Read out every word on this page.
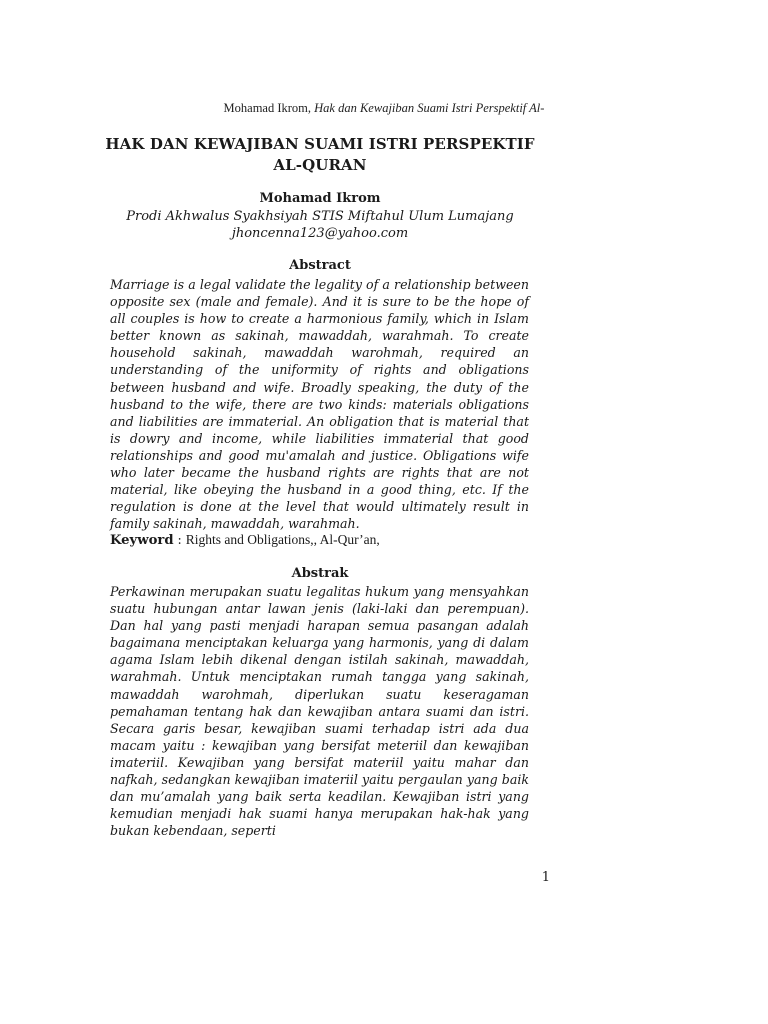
Mohamad Ikrom, Hak dan Kewajiban Suami Istri Perspektif Al-
HAK DAN KEWAJIBAN SUAMI ISTRI PERSPEKTIF AL-QURAN
Mohamad Ikrom
Prodi Akhwalus Syakhsiyah STIS Miftahul Ulum Lumajang
jhoncenna123@yahoo.com
Abstract
Marriage is a legal validate the legality of a relationship between opposite sex (male and female). And it is sure to be the hope of all couples is how to create a harmonious family, which in Islam better known as sakinah, mawaddah, warahmah. To create household sakinah, mawaddah warohmah, required an understanding of the uniformity of rights and obligations between husband and wife. Broadly speaking, the duty of the husband to the wife, there are two kinds: materials obligations and liabilities are immaterial. An obligation that is material that is dowry and income, while liabilities immaterial that good relationships and good mu'amalah and justice. Obligations wife who later became the husband rights are rights that are not material, like obeying the husband in a good thing, etc. If the regulation is done at the level that would ultimately result in family sakinah, mawaddah, warahmah.
Keyword : Rights and Obligations,, Al-Qur’an,
Abstrak
Perkawinan merupakan suatu legalitas hukum yang mensyahkan suatu hubungan antar lawan jenis (laki-laki dan perempuan). Dan hal yang pasti menjadi harapan semua pasangan adalah bagaimana menciptakan keluarga yang harmonis, yang di dalam agama Islam lebih dikenal dengan istilah sakinah, mawaddah, warahmah. Untuk menciptakan rumah tangga yang sakinah, mawaddah warohmah, diperlukan suatu keseragaman pemahaman tentang hak dan kewajiban antara suami dan istri. Secara garis besar, kewajiban suami terhadap istri ada dua macam yaitu : kewajiban yang bersifat meteriil dan kewajiban imateriil. Kewajiban yang bersifat materiil yaitu mahar dan nafkah, sedangkan kewajiban imateriil yaitu pergaulan yang baik dan mu’amalah yang baik serta keadilan. Kewajiban istri yang kemudian menjadi hak suami hanya merupakan hak-hak yang bukan kebendaan, seperti
1
